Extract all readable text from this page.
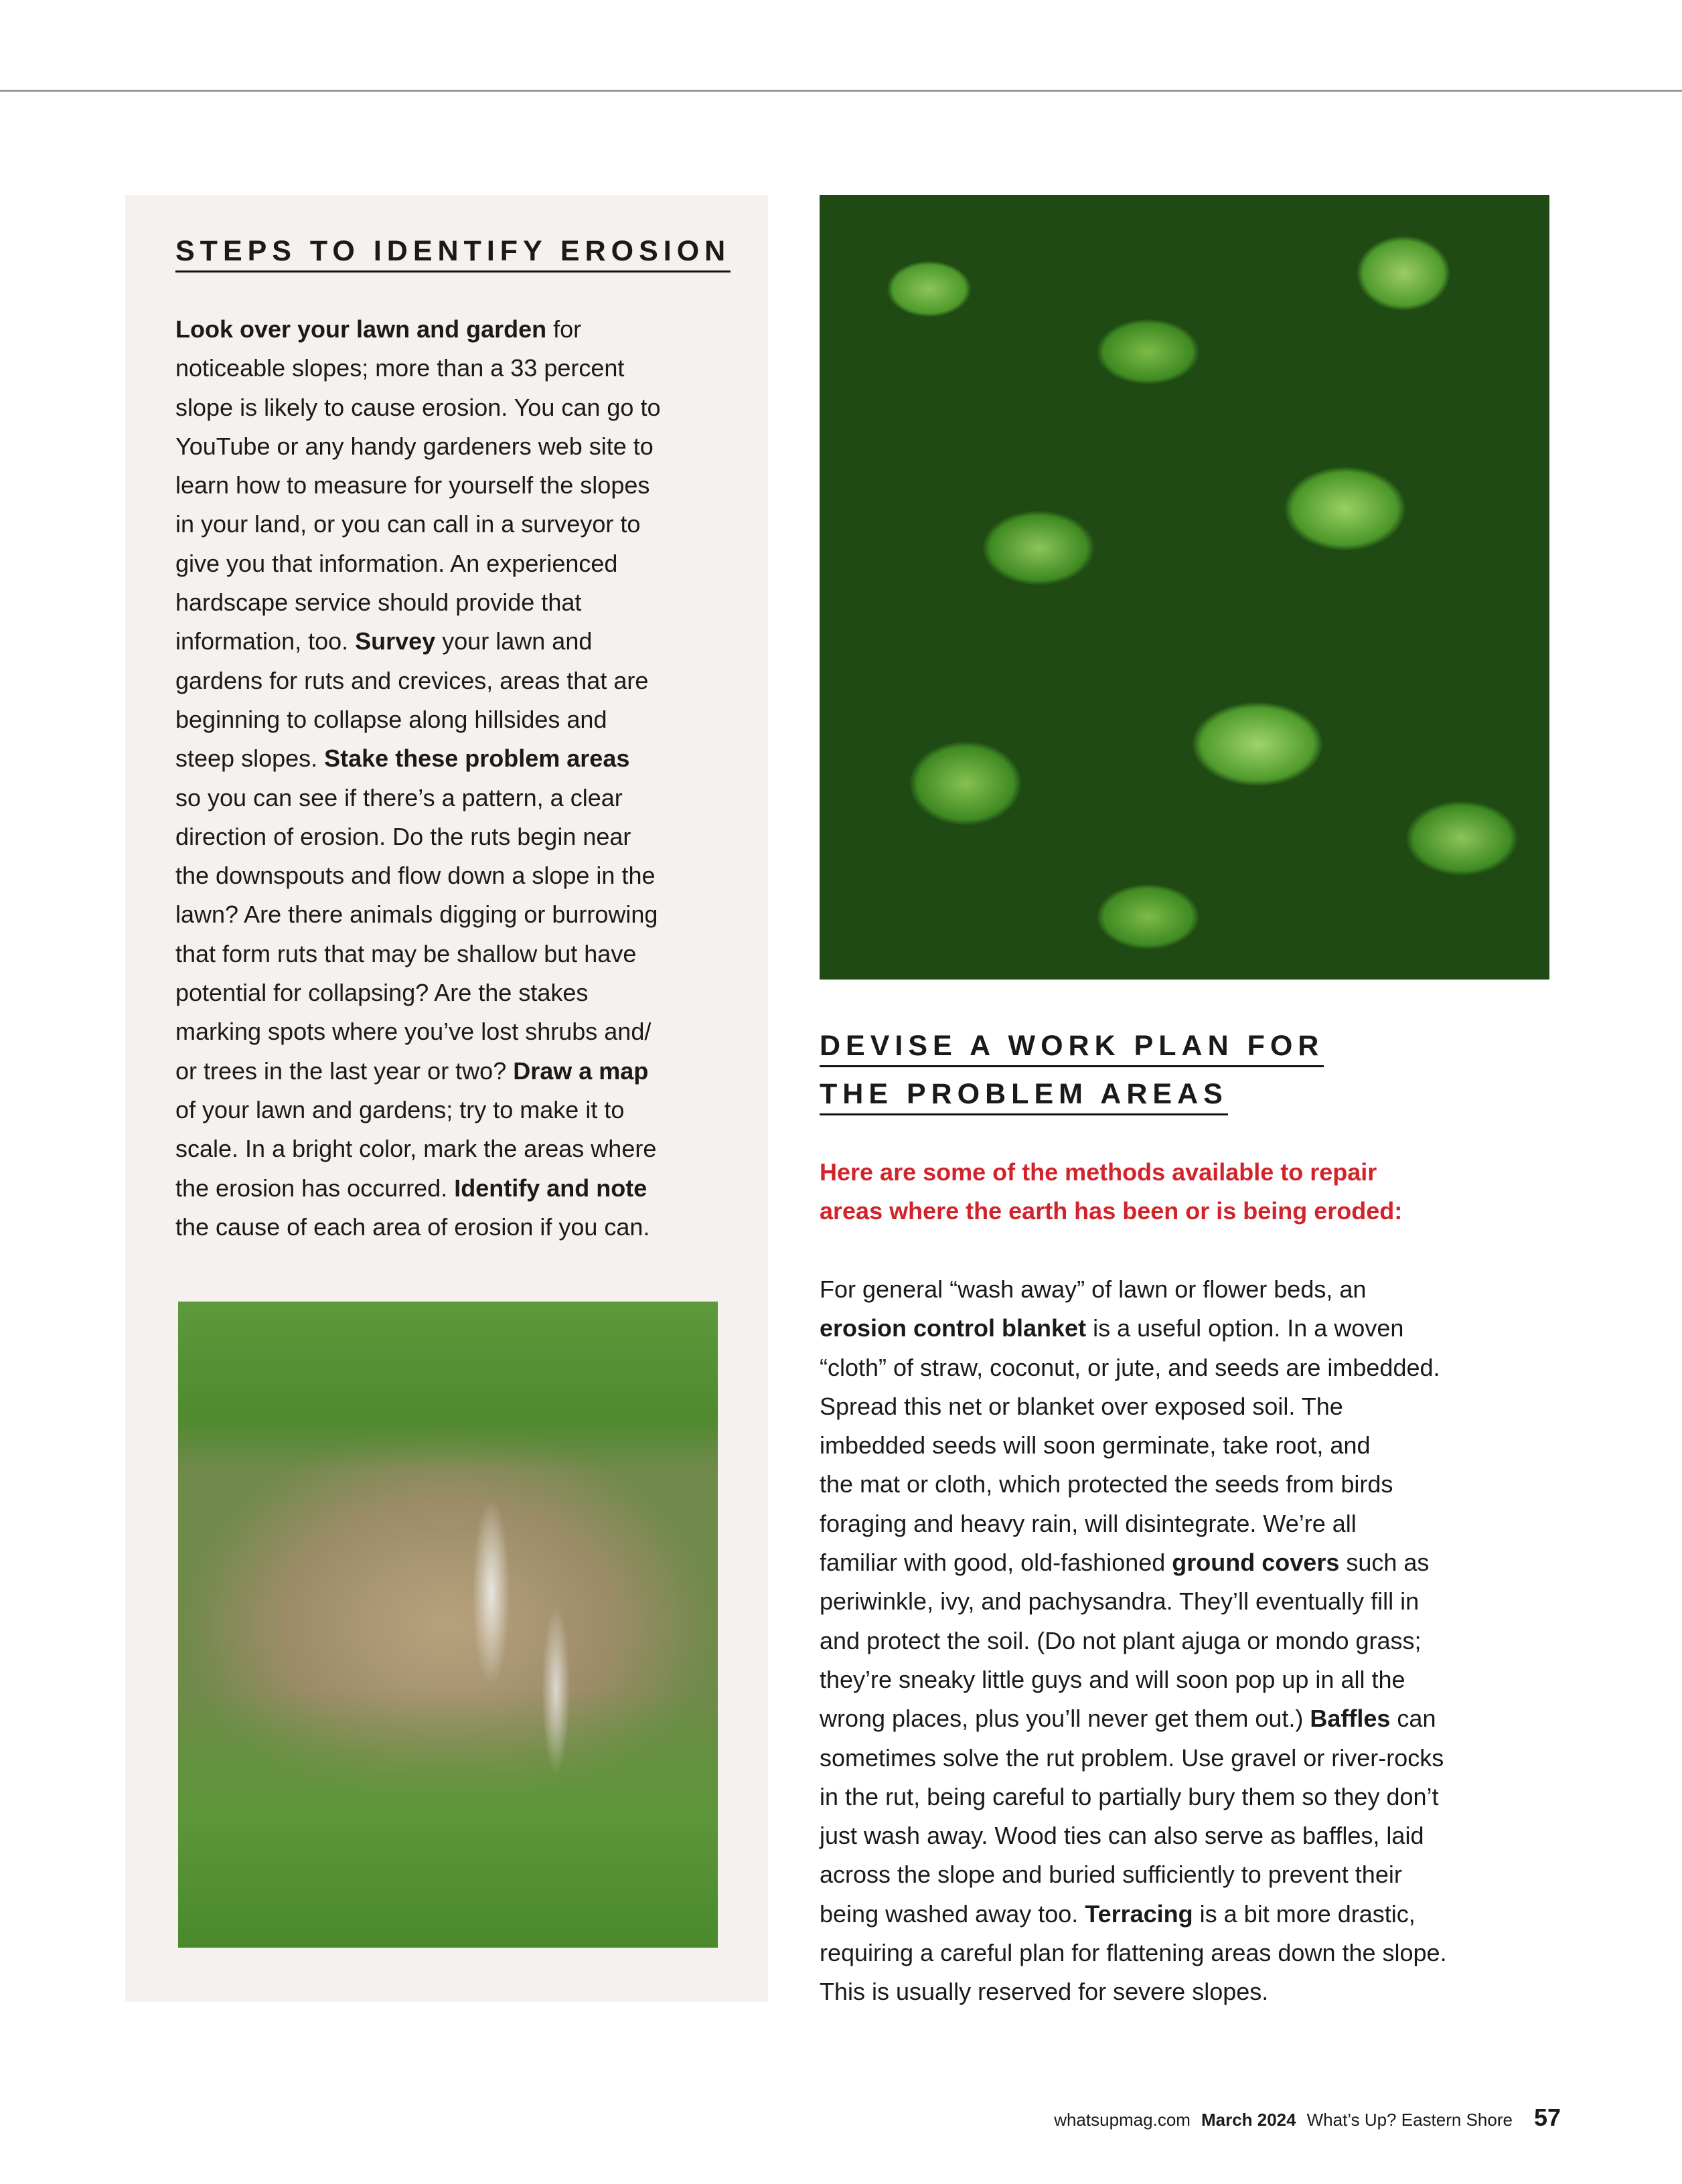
STEPS TO IDENTIFY EROSION
Look over your lawn and garden for
noticeable slopes; more than a 33 percent
slope is likely to cause erosion. You can go to
YouTube or any handy gardeners web site to
learn how to measure for yourself the slopes
in your land, or you can call in a surveyor to
give you that information. An experienced
hardscape service should provide that
information, too. Survey your lawn and
gardens for ruts and crevices, areas that are
beginning to collapse along hillsides and
steep slopes. Stake these problem areas
so you can see if there’s a pattern, a clear
direction of erosion. Do the ruts begin near
the downspouts and flow down a slope in the
lawn? Are there animals digging or burrowing
that form ruts that may be shallow but have
potential for collapsing? Are the stakes
marking spots where you’ve lost shrubs and/
or trees in the last year or two? Draw a map
of your lawn and gardens; try to make it to
scale. In a bright color, mark the areas where
the erosion has occurred. Identify and note
the cause of each area of erosion if you can.
DEVISE A WORK PLAN FOR
THE PROBLEM AREAS
Here are some of the methods available to repair
areas where the earth has been or is being eroded:
For general “wash away” of lawn or flower beds, an
erosion control blanket is a useful option. In a woven
“cloth” of straw, coconut, or jute, and seeds are imbedded.
Spread this net or blanket over exposed soil. The
imbedded seeds will soon germinate, take root, and
the mat or cloth, which protected the seeds from birds
foraging and heavy rain, will disintegrate. We’re all
familiar with good, old-fashioned ground covers such as
periwinkle, ivy, and pachysandra. They’ll eventually fill in
and protect the soil. (Do not plant ajuga or mondo grass;
they’re sneaky little guys and will soon pop up in all the
wrong places, plus you’ll never get them out.) Baffles can
sometimes solve the rut problem. Use gravel or river-rocks
in the rut, being careful to partially bury them so they don’t
just wash away. Wood ties can also serve as baffles, laid
across the slope and buried sufficiently to prevent their
being washed away too. Terracing is a bit more drastic,
requiring a careful plan for flattening areas down the slope.
This is usually reserved for severe slopes.
whatsupmag.com March 2024 What’s Up? Eastern Shore 57
